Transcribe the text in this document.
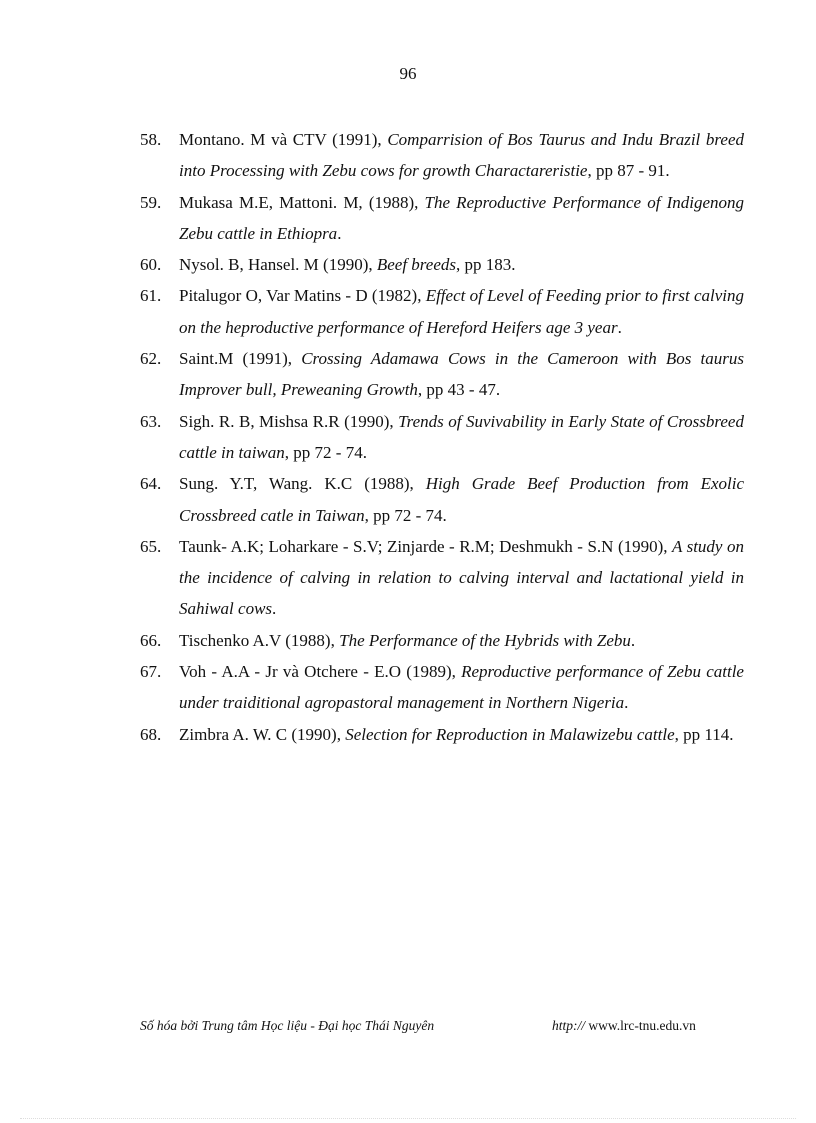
96
58. Montano. M và CTV (1991), Comparrision of Bos Taurus and Indu Brazil breed into Processing with Zebu cows for growth Charactareristie, pp 87 - 91.
59. Mukasa M.E, Mattoni. M, (1988), The Reproductive Performance of Indigenong Zebu cattle in Ethiopra.
60. Nysol. B, Hansel. M (1990), Beef breeds, pp 183.
61. Pitalugor O, Var Matins - D (1982), Effect of Level of Feeding prior to first calving on the heproductive performance of Hereford Heifers age 3 year.
62. Saint.M (1991), Crossing Adamawa Cows in the Cameroon with Bos taurus Improver bull, Preweaning Growth, pp 43 - 47.
63. Sigh. R. B, Mishsa R.R (1990), Trends of Suvivability in Early State of Crossbreed cattle in taiwan, pp 72 - 74.
64. Sung. Y.T, Wang. K.C (1988), High Grade Beef Production from Exolic Crossbreed catle in Taiwan, pp 72 - 74.
65. Taunk- A.K; Loharkare - S.V; Zinjarde - R.M; Deshmukh - S.N (1990), A study on the incidence of calving in relation to calving interval and lactational yield in Sahiwal cows.
66. Tischenko A.V (1988), The Performance of the Hybrids with Zebu.
67. Voh - A.A - Jr và Otchere - E.O (1989), Reproductive performance of Zebu cattle under traiditional agropastoral management in Northern Nigeria.
68. Zimbra A. W. C (1990), Selection for Reproduction in Malawizebu cattle, pp 114.
Số hóa bởi Trung tâm Học liệu - Đại học Thái Nguyên	http:// www.lrc-tnu.edu.vn
